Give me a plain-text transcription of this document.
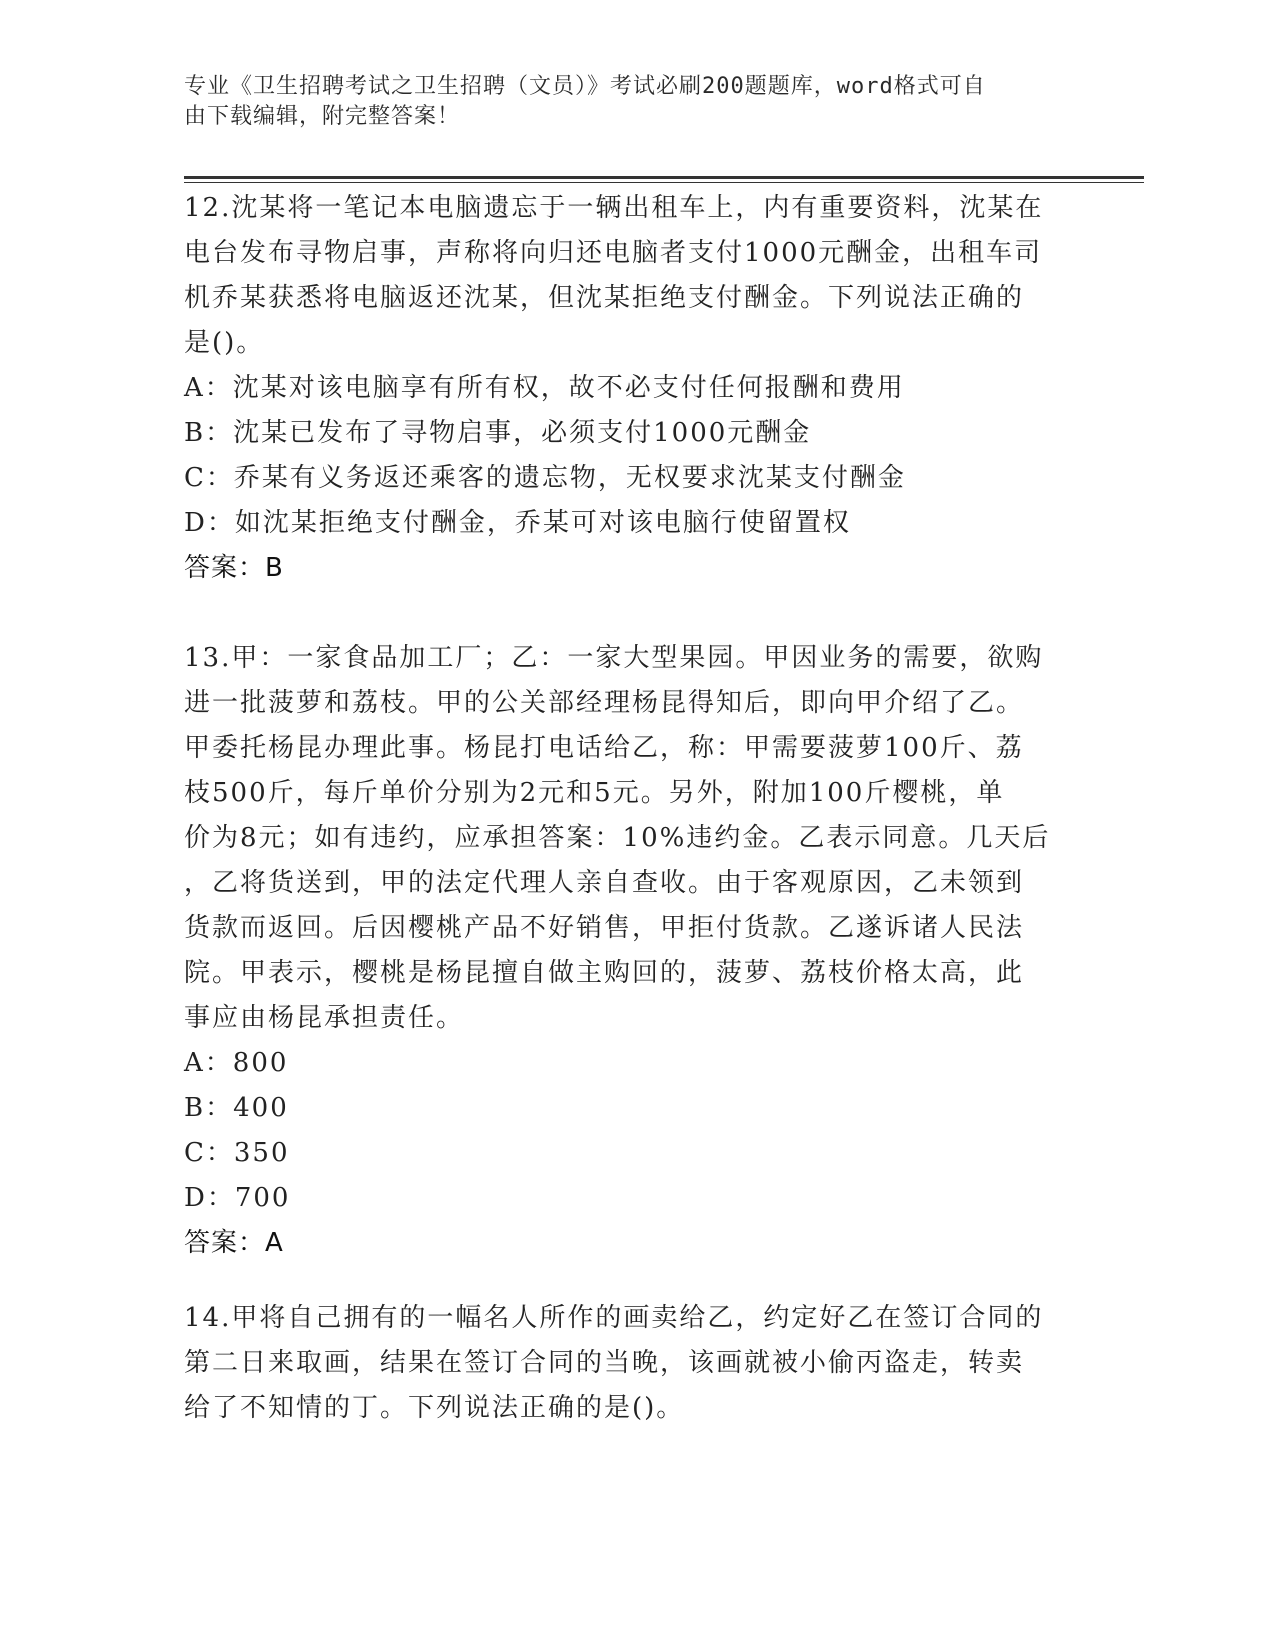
专业《卫生招聘考试之卫生招聘（文员）》考试必刷200题题库，word格式可自
由下载编辑，附完整答案！
12.沈某将一笔记本电脑遗忘于一辆出租车上，内有重要资料，沈某在
电台发布寻物启事，声称将向归还电脑者支付1000元酬金，出租车司
机乔某获悉将电脑返还沈某，但沈某拒绝支付酬金。下列说法正确的
是()。
A：沈某对该电脑享有所有权，故不必支付任何报酬和费用
B：沈某已发布了寻物启事，必须支付1000元酬金
C：乔某有义务返还乘客的遗忘物，无权要求沈某支付酬金
D：如沈某拒绝支付酬金，乔某可对该电脑行使留置权
答案：B
13.甲：一家食品加工厂；乙：一家大型果园。甲因业务的需要，欲购
进一批菠萝和荔枝。甲的公关部经理杨昆得知后，即向甲介绍了乙。
甲委托杨昆办理此事。杨昆打电话给乙，称：甲需要菠萝100斤、荔
枝500斤，每斤单价分别为2元和5元。另外，附加100斤樱桃，单
价为8元；如有违约，应承担答案：10%违约金。乙表示同意。几天后
，乙将货送到，甲的法定代理人亲自查收。由于客观原因，乙未领到
货款而返回。后因樱桃产品不好销售，甲拒付货款。乙遂诉诸人民法
院。甲表示，樱桃是杨昆擅自做主购回的，菠萝、荔枝价格太高，此
事应由杨昆承担责任。
A：800
B：400
C：350
D：700
答案：A
14.甲将自己拥有的一幅名人所作的画卖给乙，约定好乙在签订合同的
第二日来取画，结果在签订合同的当晚，该画就被小偷丙盗走，转卖
给了不知情的丁。下列说法正确的是()。
